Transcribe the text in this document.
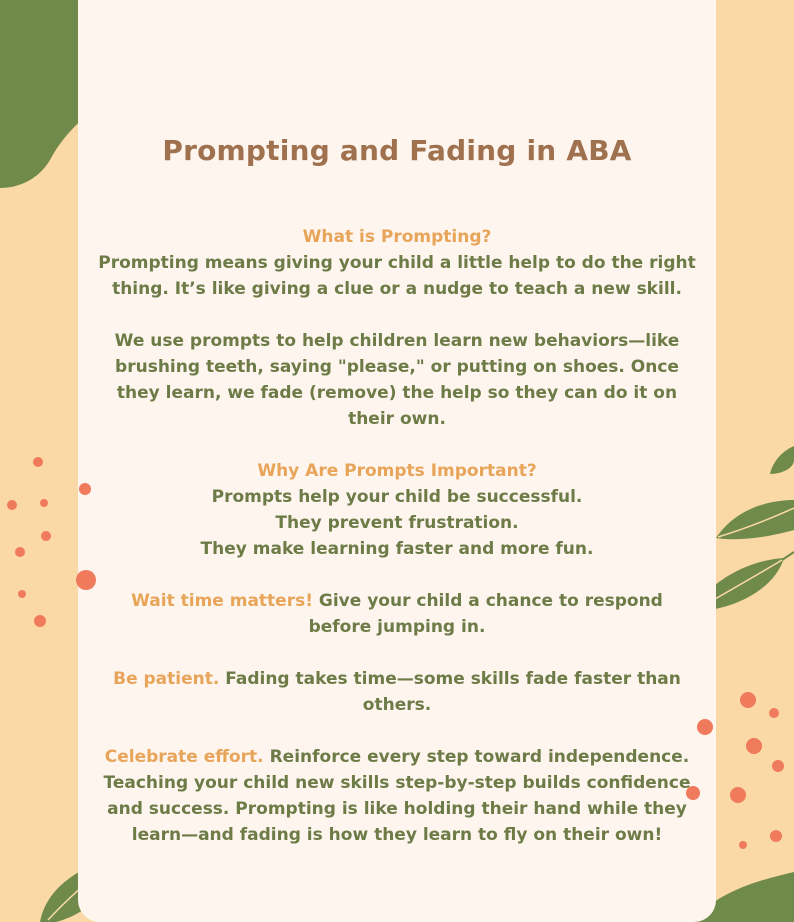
Prompting and Fading in ABA

What is Prompting?

Prompting means giving your child a little help to do the right

thing. It’s like giving a clue or a nudge to teach a new skill.

We use prompts to help children learn new behaviors—like

brushing teeth, saying "please," or putting on shoes. Once

they learn, we fade (remove) the help so they can do it on

their own.

Why Are Prompts Important?

Prompts help your child be successful.

They prevent frustration.

They make learning faster and more fun.

Wait time matters! Give your child a chance to respond

before jumping in.

Be patient. Fading takes time—some skills fade faster than

others.

Celebrate effort. Reinforce every step toward independence.

Teaching your child new skills step-by-step builds confidence

and success. Prompting is like holding their hand while they

learn—and fading is how they learn to fly on their own!
